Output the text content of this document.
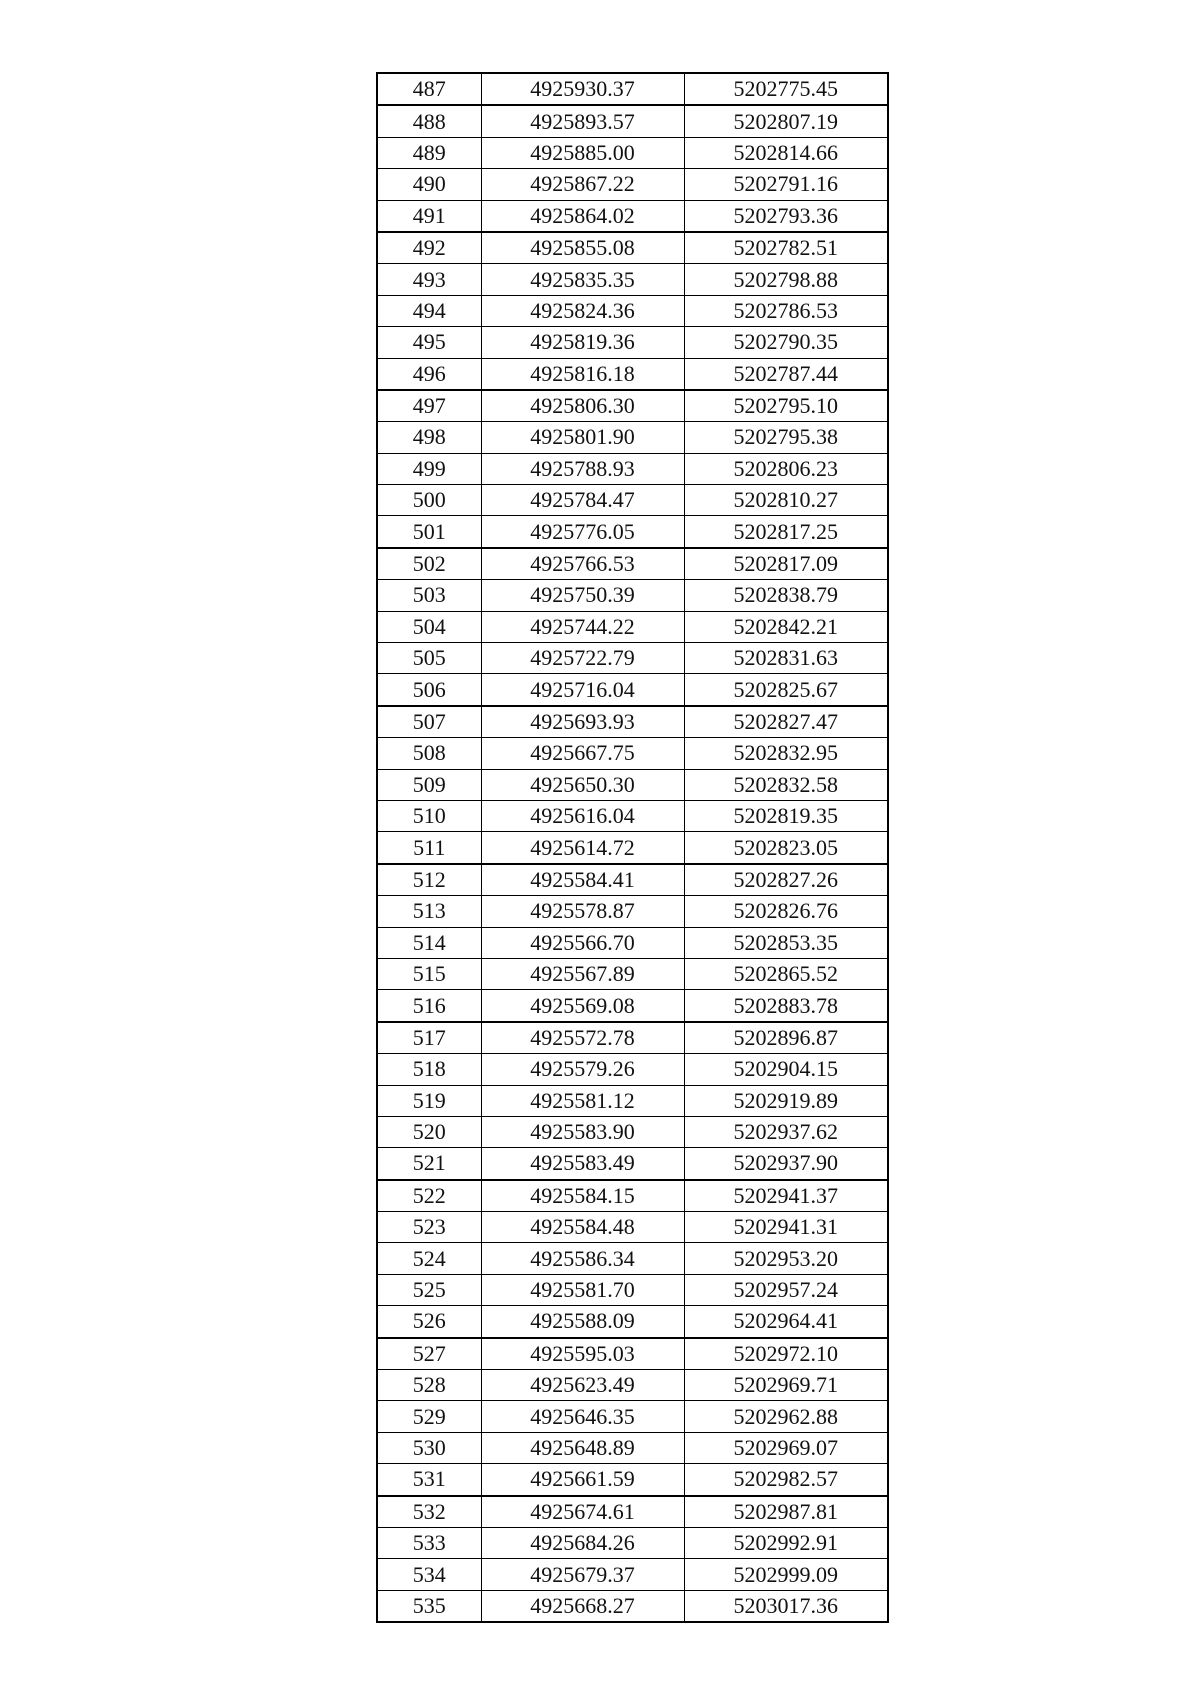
487	4925930.37	5202775.45
488	4925893.57	5202807.19
489	4925885.00	5202814.66
490	4925867.22	5202791.16
491	4925864.02	5202793.36
492	4925855.08	5202782.51
493	4925835.35	5202798.88
494	4925824.36	5202786.53
495	4925819.36	5202790.35
496	4925816.18	5202787.44
497	4925806.30	5202795.10
498	4925801.90	5202795.38
499	4925788.93	5202806.23
500	4925784.47	5202810.27
501	4925776.05	5202817.25
502	4925766.53	5202817.09
503	4925750.39	5202838.79
504	4925744.22	5202842.21
505	4925722.79	5202831.63
506	4925716.04	5202825.67
507	4925693.93	5202827.47
508	4925667.75	5202832.95
509	4925650.30	5202832.58
510	4925616.04	5202819.35
511	4925614.72	5202823.05
512	4925584.41	5202827.26
513	4925578.87	5202826.76
514	4925566.70	5202853.35
515	4925567.89	5202865.52
516	4925569.08	5202883.78
517	4925572.78	5202896.87
518	4925579.26	5202904.15
519	4925581.12	5202919.89
520	4925583.90	5202937.62
521	4925583.49	5202937.90
522	4925584.15	5202941.37
523	4925584.48	5202941.31
524	4925586.34	5202953.20
525	4925581.70	5202957.24
526	4925588.09	5202964.41
527	4925595.03	5202972.10
528	4925623.49	5202969.71
529	4925646.35	5202962.88
530	4925648.89	5202969.07
531	4925661.59	5202982.57
532	4925674.61	5202987.81
533	4925684.26	5202992.91
534	4925679.37	5202999.09
535	4925668.27	5203017.36
